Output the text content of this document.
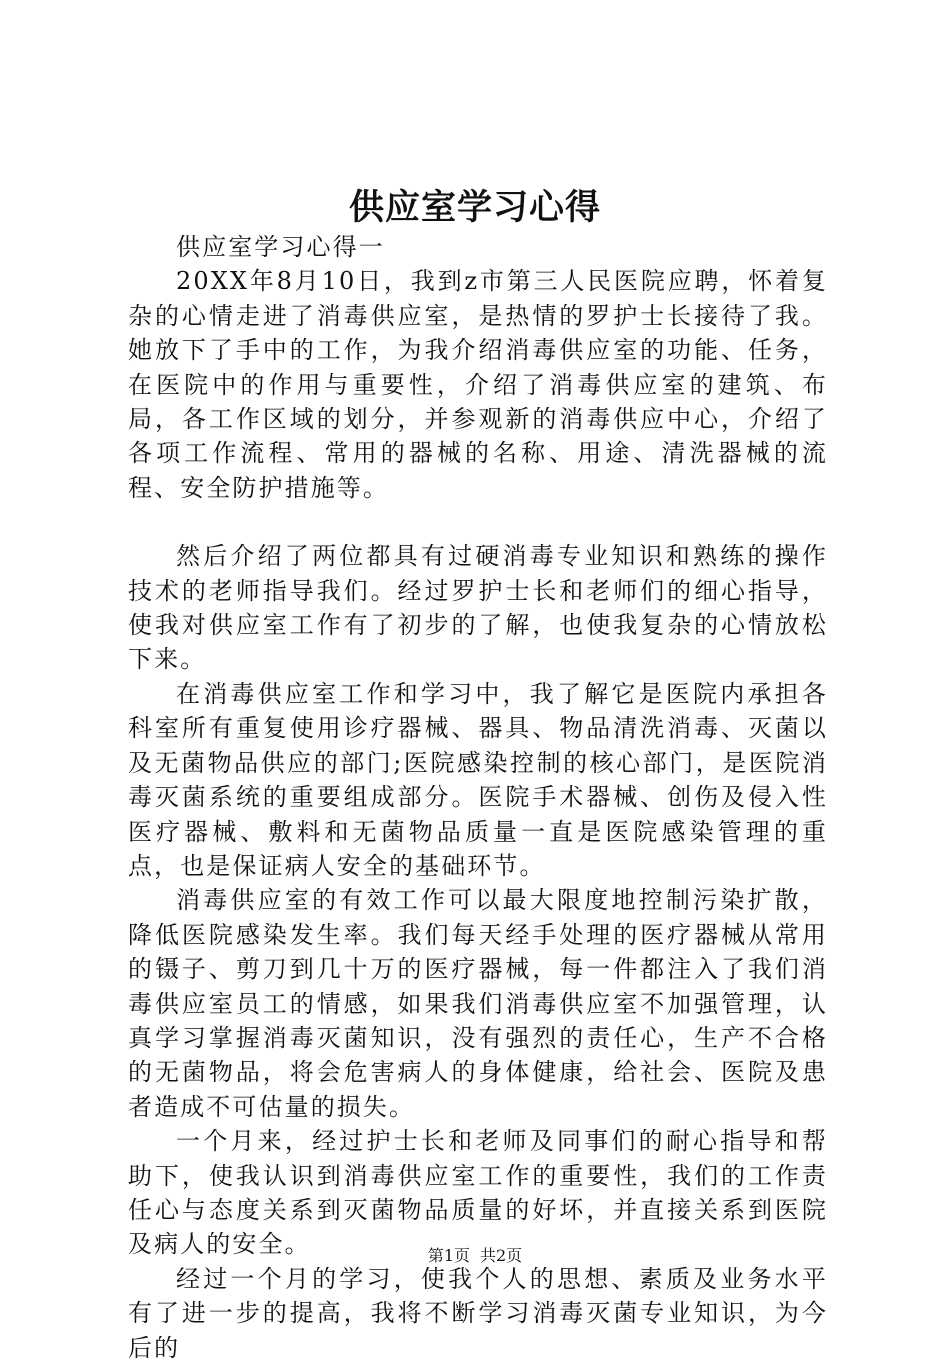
供应室学习心得

供应室学习心得一

20XX年8月10日，我到z市第三人民医院应聘，怀着复杂的心情走进了消毒供应室，是热情的罗护士长接待了我。她放下了手中的工作，为我介绍消毒供应室的功能、任务，在医院中的作用与重要性，介绍了消毒供应室的建筑、布局，各工作区域的划分，并参观新的消毒供应中心，介绍了各项工作流程、常用的器械的名称、用途、清洗器械的流程、安全防护措施等。

然后介绍了两位都具有过硬消毒专业知识和熟练的操作技术的老师指导我们。经过罗护士长和老师们的细心指导，使我对供应室工作有了初步的了解，也使我复杂的心情放松下来。

在消毒供应室工作和学习中，我了解它是医院内承担各科室所有重复使用诊疗器械、器具、物品清洗消毒、灭菌以及无菌物品供应的部门;医院感染控制的核心部门，是医院消毒灭菌系统的重要组成部分。医院手术器械、创伤及侵入性医疗器械、敷料和无菌物品质量一直是医院感染管理的重点，也是保证病人安全的基础环节。

消毒供应室的有效工作可以最大限度地控制污染扩散，降低医院感染发生率。我们每天经手处理的医疗器械从常用的镊子、剪刀到几十万的医疗器械，每一件都注入了我们消毒供应室员工的情感，如果我们消毒供应室不加强管理，认真学习掌握消毒灭菌知识，没有强烈的责任心，生产不合格的无菌物品，将会危害病人的身体健康，给社会、医院及患者造成不可估量的损失。

一个月来，经过护士长和老师及同事们的耐心指导和帮助下，使我认识到消毒供应室工作的重要性，我们的工作责任心与态度关系到灭菌物品质量的好坏，并直接关系到医院及病人的安全。

经过一个月的学习，使我个人的思想、素质及业务水平有了进一步的提高，我将不断学习消毒灭菌专业知识，为今后的

第1页 共2页
